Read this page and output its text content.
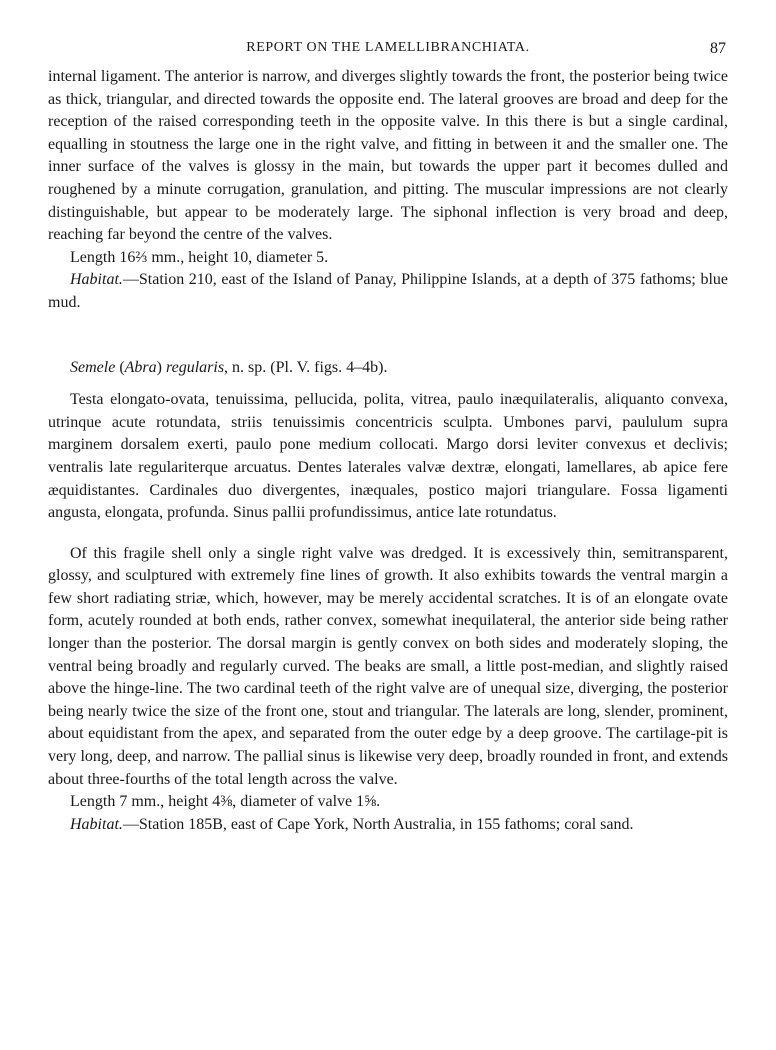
REPORT ON THE LAMELLIBRANCHIATA.	87

internal ligament. The anterior is narrow, and diverges slightly towards the front, the posterior being twice as thick, triangular, and directed towards the opposite end. The lateral grooves are broad and deep for the reception of the raised corresponding teeth in the opposite valve. In this there is but a single cardinal, equalling in stoutness the large one in the right valve, and fitting in between it and the smaller one. The inner surface of the valves is glossy in the main, but towards the upper part it becomes dulled and roughened by a minute corrugation, granulation, and pitting. The muscular impressions are not clearly distinguishable, but appear to be moderately large. The siphonal inflection is very broad and deep, reaching far beyond the centre of the valves.

Length 16⅔ mm., height 10, diameter 5.

Habitat.—Station 210, east of the Island of Panay, Philippine Islands, at a depth of 375 fathoms; blue mud.

Semele (Abra) regularis, n. sp. (Pl. V. figs. 4–4b).

Testa elongato-ovata, tenuissima, pellucida, polita, vitrea, paulo inæquilateralis, aliquanto convexa, utrinque acute rotundata, striis tenuissimis concentricis sculpta. Umbones parvi, paululum supra marginem dorsalem exerti, paulo pone medium collocati. Margo dorsi leviter convexus et declivis; ventralis late regulariterque arcuatus. Dentes laterales valvæ dextræ, elongati, lamellares, ab apice fere æquidistantes. Cardinales duo divergentes, inæquales, postico majori triangulare. Fossa ligamenti angusta, elongata, profunda. Sinus pallii profundissimus, antice late rotundatus.

Of this fragile shell only a single right valve was dredged. It is excessively thin, semitransparent, glossy, and sculptured with extremely fine lines of growth. It also exhibits towards the ventral margin a few short radiating striæ, which, however, may be merely accidental scratches. It is of an elongate ovate form, acutely rounded at both ends, rather convex, somewhat inequilateral, the anterior side being rather longer than the posterior. The dorsal margin is gently convex on both sides and moderately sloping, the ventral being broadly and regularly curved. The beaks are small, a little post-median, and slightly raised above the hinge-line. The two cardinal teeth of the right valve are of unequal size, diverging, the posterior being nearly twice the size of the front one, stout and triangular. The laterals are long, slender, prominent, about equidistant from the apex, and separated from the outer edge by a deep groove. The cartilage-pit is very long, deep, and narrow. The pallial sinus is likewise very deep, broadly rounded in front, and extends about three-fourths of the total length across the valve.

Length 7 mm., height 4⅜, diameter of valve 1⅝.

Habitat.—Station 185B, east of Cape York, North Australia, in 155 fathoms; coral sand.
